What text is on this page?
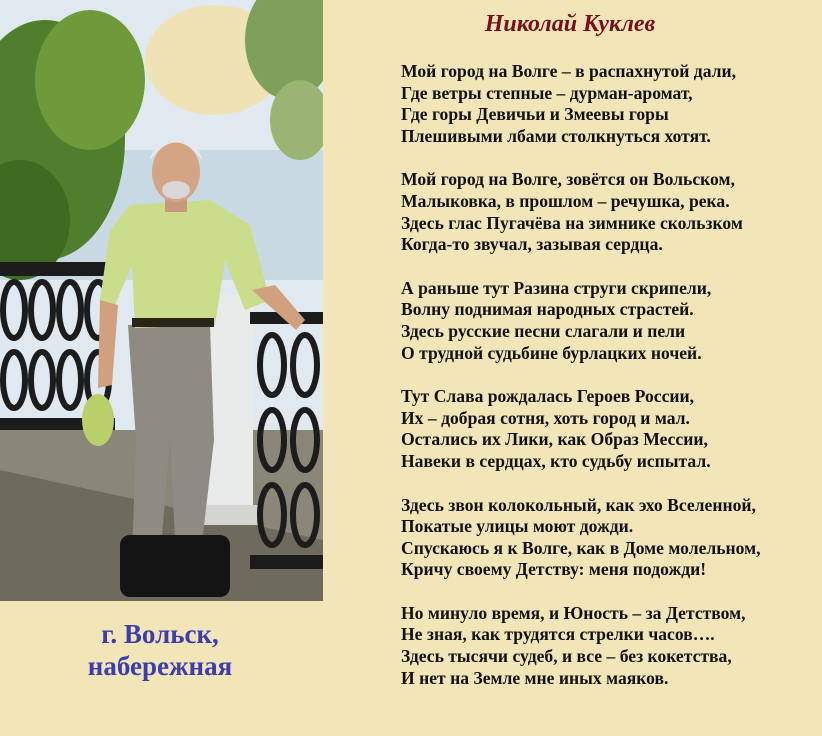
г. Вольск,
набережная
Николай Куклев
Мой город на Волге – в распахнутой дали,
Где ветры степные – дурман-аромат,
Где горы Девичьи и Змеевы горы
Плешивыми лбами столкнуться хотят.
Мой город на Волге, зовётся он Вольском,
Малыковка, в прошлом – речушка, река.
Здесь глас Пугачёва на зимнике скользком
Когда-то звучал, зазывая сердца.
А раньше тут Разина струги скрипели,
Волну поднимая народных страстей.
Здесь русские песни слагали и пели
О трудной судьбине бурлацких ночей.
Тут Слава рождалась Героев России,
Их – добрая сотня, хоть город и мал.
Остались их Лики, как Образ Мессии,
Навеки в сердцах, кто судьбу испытал.
Здесь звон колокольный, как эхо Вселенной,
Покатые улицы моют дожди.
Спускаюсь я к Волге, как в Доме молельном,
Кричу своему Детству: меня подожди!
Но минуло время, и Юность – за Детством,
Не зная, как трудятся стрелки часов….
Здесь тысячи судеб, и все – без кокетства,
И нет на Земле мне иных маяков.
